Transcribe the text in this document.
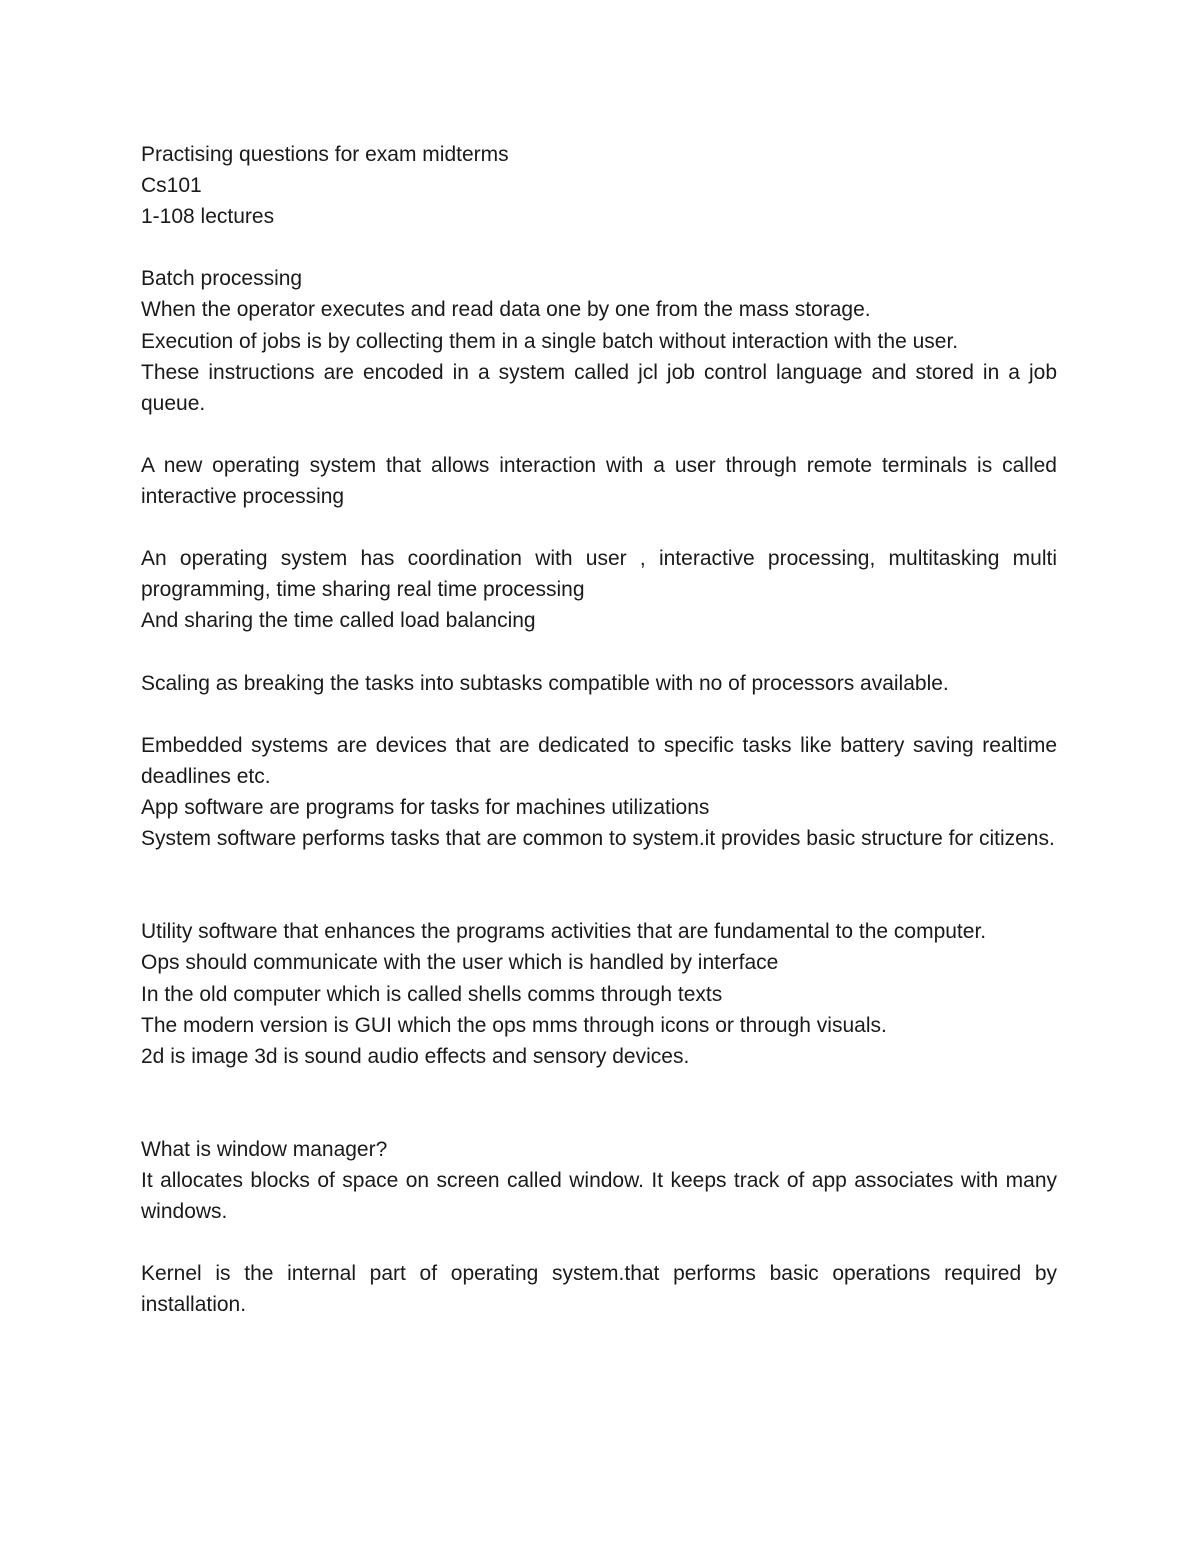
Practising questions for exam midterms
Cs101
1-108 lectures
Batch processing
When the operator executes and read data one by one from the mass storage.
Execution of jobs is by collecting them in a single batch without interaction with the user.
These instructions are encoded in a system called jcl job control language and stored in a job queue.
A new operating system that allows interaction with a user through remote terminals is called interactive processing
An operating system has coordination with user , interactive processing, multitasking multi programming, time sharing real time processing
And sharing the time called load balancing
Scaling as breaking the tasks into subtasks compatible with no of processors available.
Embedded systems are devices that are dedicated to specific tasks like battery saving realtime deadlines etc.
App software are programs for tasks for machines utilizations
System software performs tasks that are common to system.it provides basic structure for citizens.
Utility software that enhances the programs activities that are fundamental to the computer.
Ops should communicate with the user which is handled by interface
In the old computer which is called shells comms through texts
The modern version is GUI which the ops mms through icons or through visuals.
2d is image 3d is sound audio effects and sensory devices.
What is window manager?
It allocates blocks of space on screen called window. It keeps track of app associates with many windows.
Kernel is the internal part of operating system.that performs basic operations required by installation.
